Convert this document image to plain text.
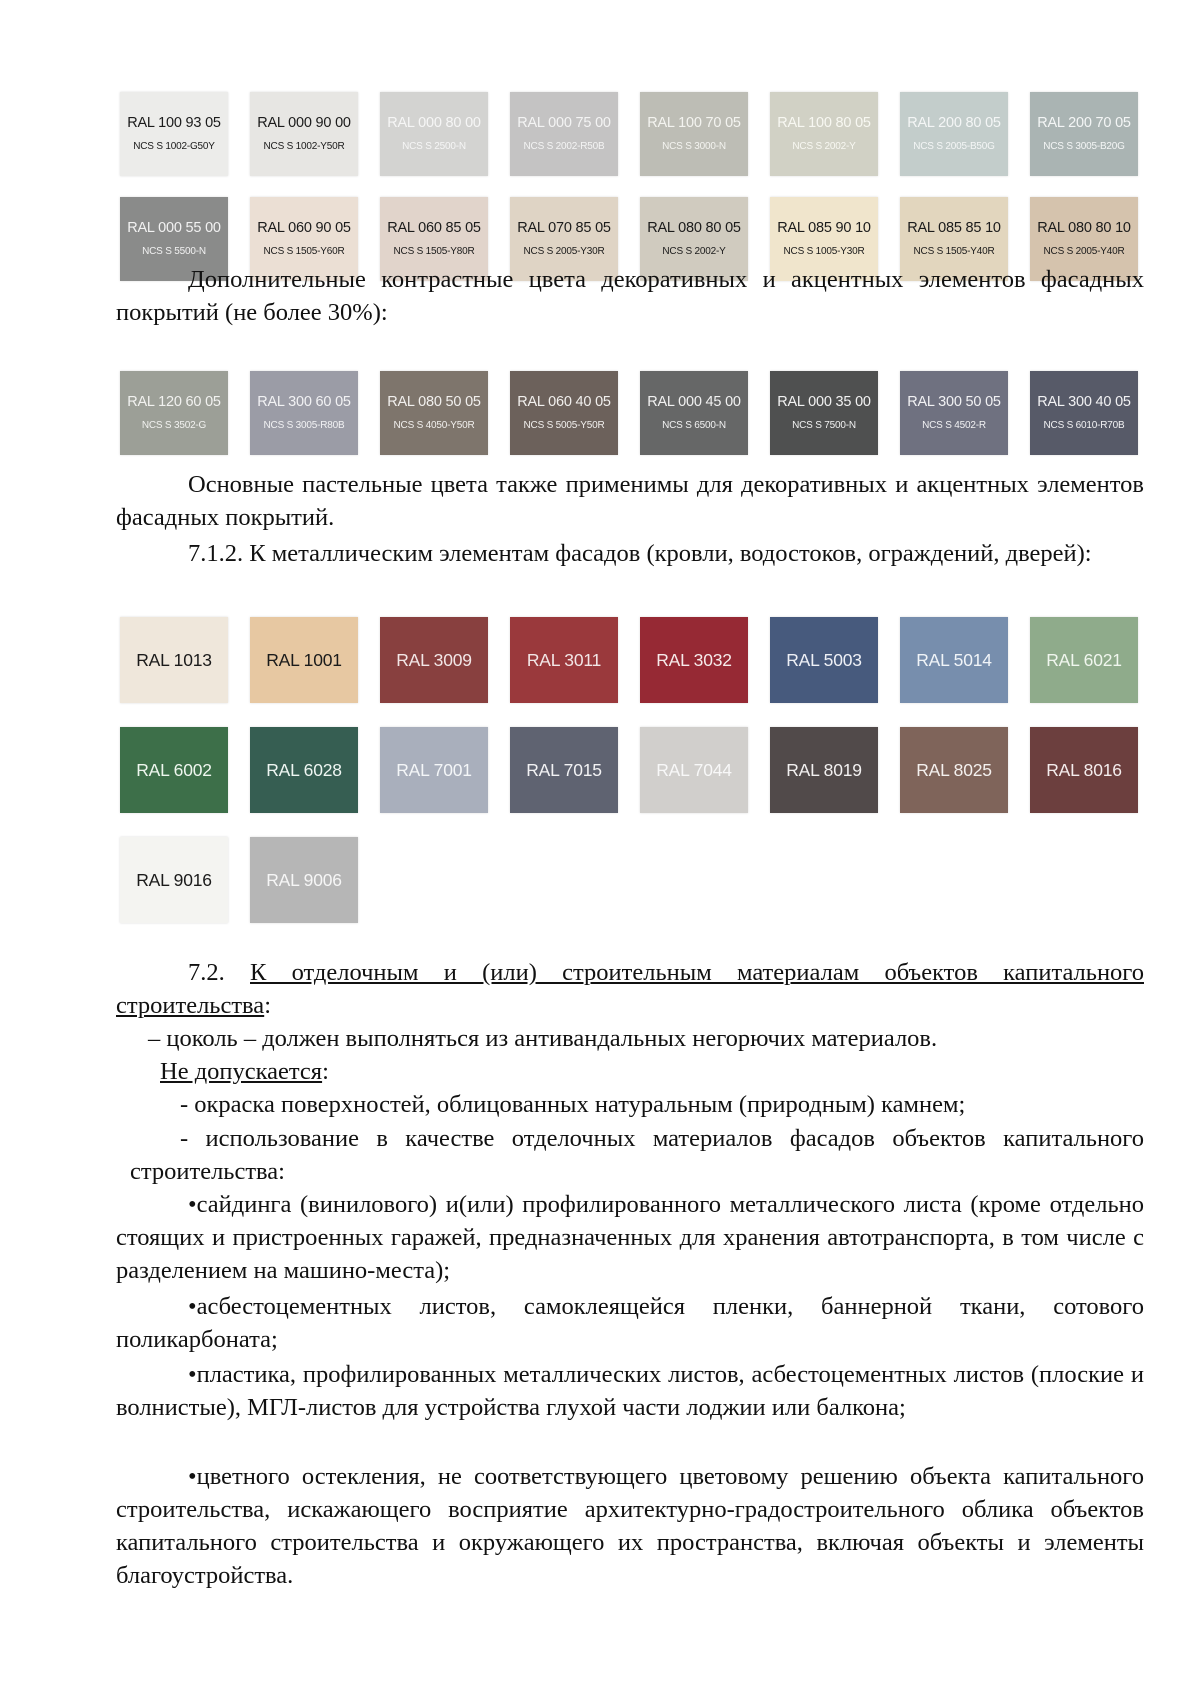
RAL 100 93 05
NCS S 1002-G50Y
RAL 000 90 00
NCS S 1002-Y50R
RAL 000 80 00
NCS S 2500-N
RAL 000 75 00
NCS S 2002-R50B
RAL 100 70 05
NCS S 3000-N
RAL 100 80 05
NCS S 2002-Y
RAL 200 80 05
NCS S 2005-B50G
RAL 200 70 05
NCS S 3005-B20G
RAL 000 55 00
NCS S 5500-N
RAL 060 90 05
NCS S 1505-Y60R
RAL 060 85 05
NCS S 1505-Y80R
RAL 070 85 05
NCS S 2005-Y30R
RAL 080 80 05
NCS S 2002-Y
RAL 085 90 10
NCS S 1005-Y30R
RAL 085 85 10
NCS S 1505-Y40R
RAL 080 80 10
NCS S 2005-Y40R

Дополнительные контрастные цвета декоративных и акцентных элементов фасадных покрытий (не более 30%):

RAL 120 60 05
NCS S 3502-G
RAL 300 60 05
NCS S 3005-R80B
RAL 080 50 05
NCS S 4050-Y50R
RAL 060 40 05
NCS S 5005-Y50R
RAL 000 45 00
NCS S 6500-N
RAL 000 35 00
NCS S 7500-N
RAL 300 50 05
NCS S 4502-R
RAL 300 40 05
NCS S 6010-R70B

Основные пастельные цвета также применимы для декоративных и акцентных элементов фасадных покрытий.

7.1.2. К металлическим элементам фасадов (кровли, водостоков, ограждений, дверей):

RAL 1013	RAL 1001	RAL 3009	RAL 3011	RAL 3032	RAL 5003	RAL 5014	RAL 6021
RAL 6002	RAL 6028	RAL 7001	RAL 7015	RAL 7044	RAL 8019	RAL 8025	RAL 8016
RAL 9016	RAL 9006

7.2. К отделочным и (или) строительным материалам объектов капитального строительства:

– цоколь – должен выполняться из антивандальных негорючих материалов.

Не допускается:

- окраска поверхностей, облицованных натуральным (природным) камнем;

- использование в качестве отделочных материалов фасадов объектов капитального строительства:

•сайдинга (винилового) и(или) профилированного металлического листа (кроме отдельно стоящих и пристроенных гаражей, предназначенных для хранения автотранспорта, в том числе с разделением на машино-места);

•асбестоцементных листов, самоклеящейся пленки, баннерной ткани, сотового поликарбоната;

•пластика, профилированных металлических листов, асбестоцементных листов (плоские и волнистые), МГЛ-листов для устройства глухой части лоджии или балкона;

•цветного остекления, не соответствующего цветовому решению объекта капитального строительства, искажающего восприятие архитектурно-градостроительного облика объектов капитального строительства и окружающего их пространства, включая объекты и элементы благоустройства.
